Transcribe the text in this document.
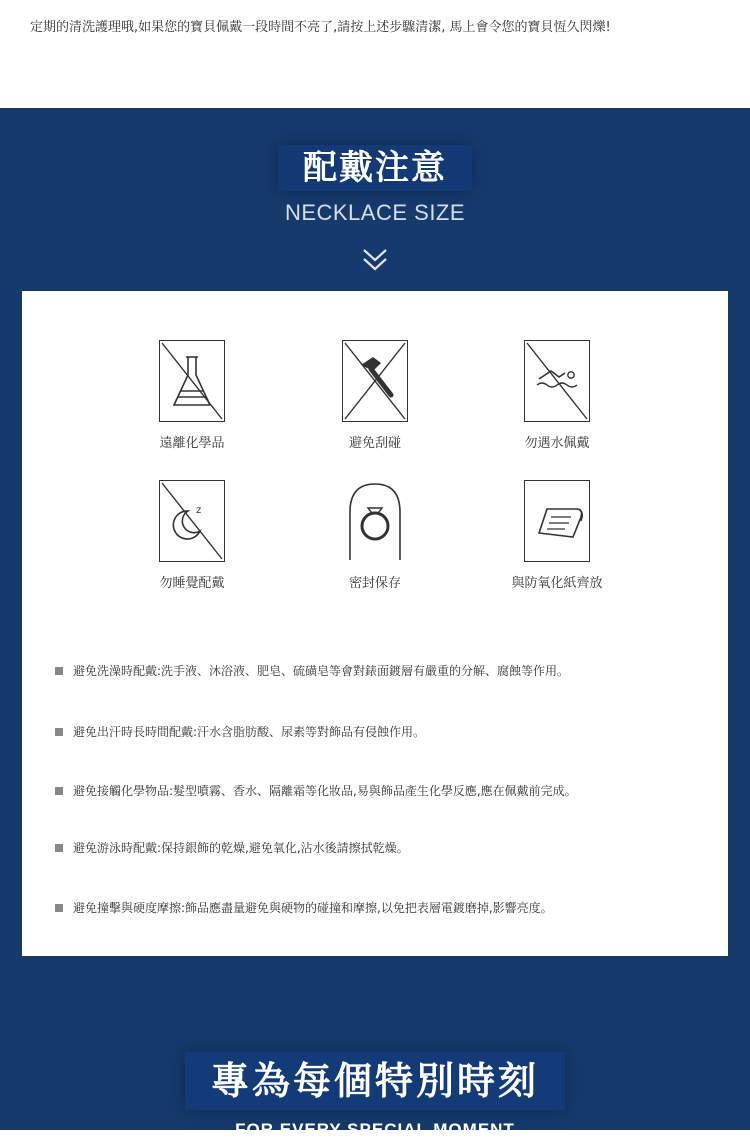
定期的清洗護理哦,如果您的寶貝佩戴一段時間不亮了,請按上述步驟清潔, 馬上會令您的寶貝恆久閃爍!
配戴注意
NECKLACE SIZE
遠離化學品	避免刮碰	勿遇水佩戴
z
勿睡覺配戴	密封保存	與防氧化紙齊放
避免洗澡時配戴:洗手液、沐浴液、肥皂、硫磺皂等會對錶面鍍層有嚴重的分解、腐蝕等作用。
避免出汗時長時間配戴:汗水含脂肪酸、尿素等對飾品有侵蝕作用。
避免接觸化學物品:髮型噴霧、香水、隔離霜等化妝品,易與飾品產生化學反應,應在佩戴前完成。
避免游泳時配戴:保持銀飾的乾燥,避免氧化,沾水後請擦拭乾燥。
避免撞擊與硬度摩擦:飾品應盡量避免與硬物的碰撞和摩擦,以免把表層電鍍磨掉,影響亮度。
專為每個特別時刻
FOR EVERY SPECIAL MOMENT
